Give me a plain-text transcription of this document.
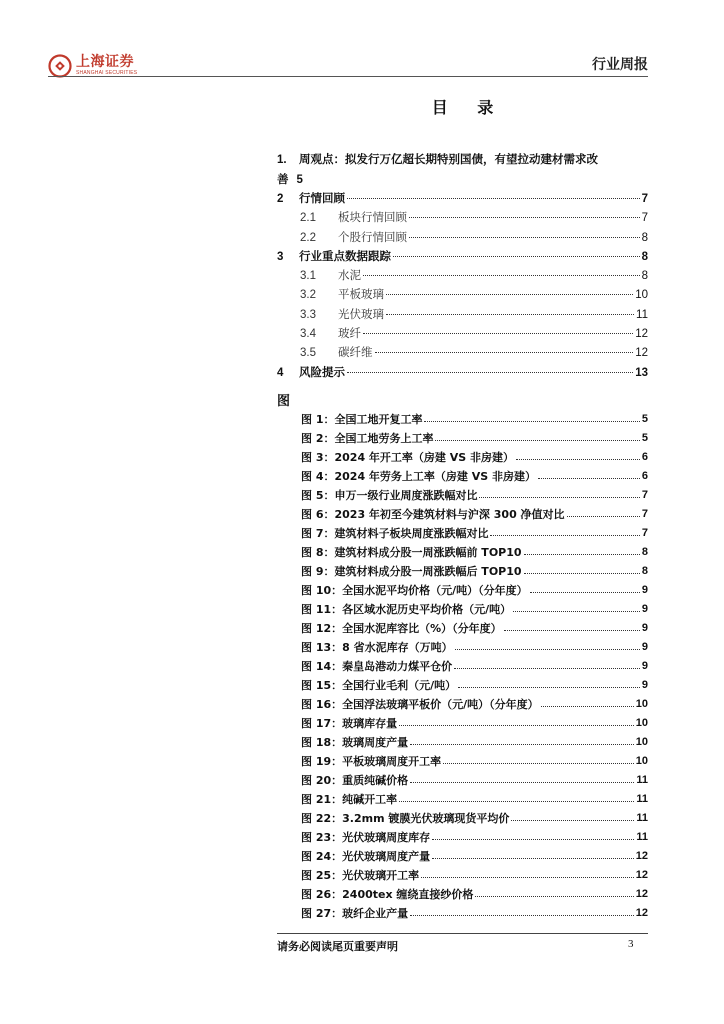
上海证券
SHANGHAI SECURITIES	行业周报
目 录
1. 周观点：拟发行万亿超长期特别国债，有望拉动建材需求改
善 5
2	行情回顾	7
2.1	板块行情回顾	7
2.2	个股行情回顾	8
3	行业重点数据跟踪	8
3.1	水泥	8
3.2	平板玻璃	10
3.3	光伏玻璃	11
3.4	玻纤	12
3.5	碳纤维	12
4	风险提示	13
图
图 1：全国工地开复工率	5
图 2：全国工地劳务上工率	5
图 3：2024 年开工率（房建 VS 非房建）	6
图 4：2024 年劳务上工率（房建 VS 非房建）	6
图 5：申万一级行业周度涨跌幅对比	7
图 6：2023 年初至今建筑材料与沪深 300 净值对比	7
图 7：建筑材料子板块周度涨跌幅对比	7
图 8：建筑材料成分股一周涨跌幅前 TOP10	8
图 9：建筑材料成分股一周涨跌幅后 TOP10	8
图 10：全国水泥平均价格（元/吨）（分年度）	9
图 11：各区域水泥历史平均价格（元/吨）	9
图 12：全国水泥库容比（%）（分年度）	9
图 13：8 省水泥库存（万吨）	9
图 14：秦皇岛港动力煤平仓价	9
图 15：全国行业毛利（元/吨）	9
图 16：全国浮法玻璃平板价（元/吨）（分年度）	10
图 17：玻璃库存量	10
图 18：玻璃周度产量	10
图 19：平板玻璃周度开工率	10
图 20：重质纯碱价格	11
图 21：纯碱开工率	11
图 22：3.2mm 镀膜光伏玻璃现货平均价	11
图 23：光伏玻璃周度库存	11
图 24：光伏玻璃周度产量	12
图 25：光伏玻璃开工率	12
图 26：2400tex 缠绕直接纱价格	12
图 27：玻纤企业产量	12
请务必阅读尾页重要声明	3
